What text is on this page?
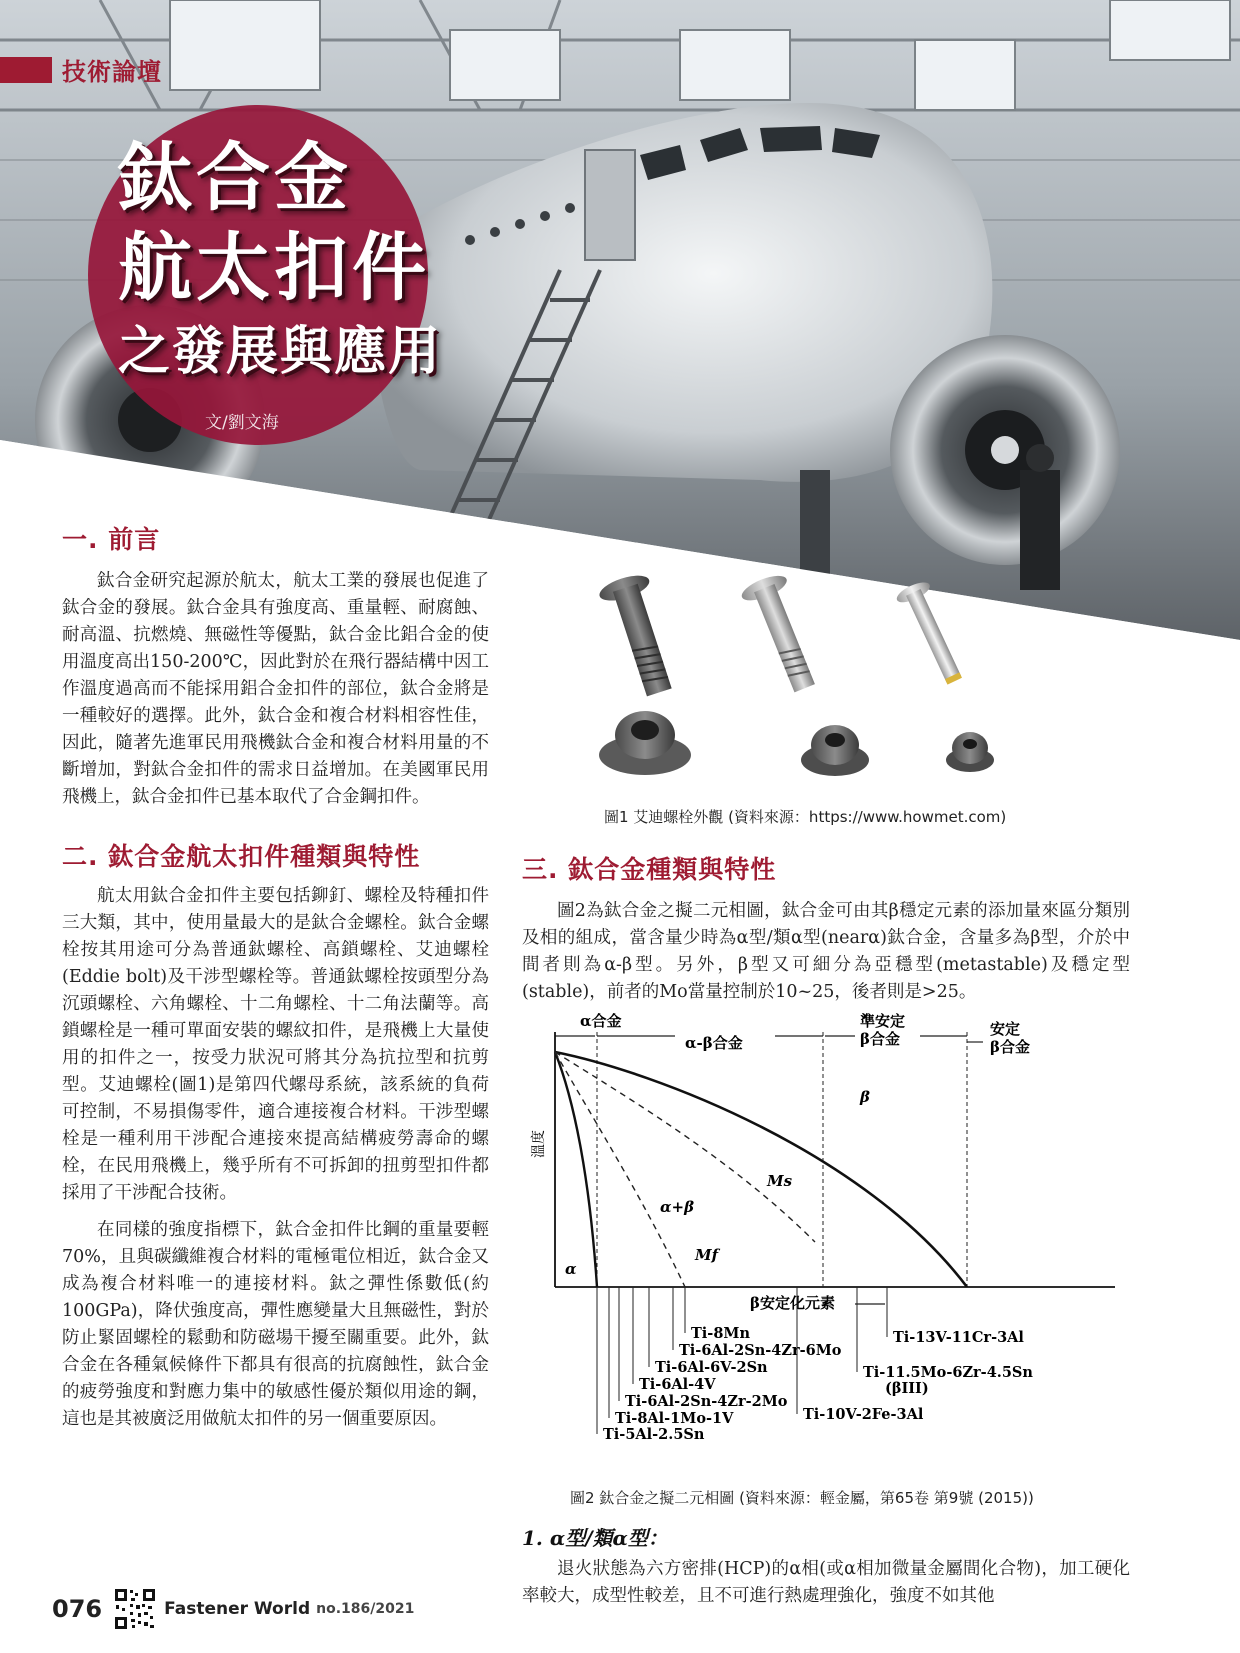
技術論壇
鈦合金
航太扣件
之發展與應用
文/劉文海
一. 前言

鈦合金研究起源於航太，航太工業的發展也促進了鈦合金的發展。鈦合金具有強度高、重量輕、耐腐蝕、耐高溫、抗燃燒、無磁性等優點，鈦合金比鋁合金的使用溫度高出150-200℃，因此對於在飛行器結構中因工作溫度過高而不能採用鋁合金扣件的部位，鈦合金將是一種較好的選擇。此外，鈦合金和複合材料相容性佳，因此，隨著先進軍民用飛機鈦合金和複合材料用量的不斷增加，對鈦合金扣件的需求日益增加。在美國軍民用飛機上，鈦合金扣件已基本取代了合金鋼扣件。

二. 鈦合金航太扣件種類與特性

航太用鈦合金扣件主要包括鉚釘、螺栓及特種扣件三大類，其中，使用量最大的是鈦合金螺栓。鈦合金螺栓按其用途可分為普通鈦螺栓、高鎖螺栓、艾迪螺栓(Eddie bolt)及干涉型螺栓等。普通鈦螺栓按頭型分為沉頭螺栓、六角螺栓、十二角螺栓、十二角法蘭等。高鎖螺栓是一種可單面安裝的螺紋扣件，是飛機上大量使用的扣件之一，按受力狀況可將其分為抗拉型和抗剪型。艾迪螺栓(圖1)是第四代螺母系統，該系統的負荷可控制，不易損傷零件，適合連接複合材料。干涉型螺栓是一種利用干涉配合連接來提高結構疲勞壽命的螺栓，在民用飛機上，幾乎所有不可拆卸的扭剪型扣件都採用了干涉配合技術。

在同樣的強度指標下，鈦合金扣件比鋼的重量要輕70%，且與碳纖維複合材料的電極電位相近，鈦合金又成為複合材料唯一的連接材料。鈦之彈性係數低(約100GPa)，降伏強度高，彈性應變量大且無磁性，對於防止緊固螺栓的鬆動和防磁場干擾至關重要。此外，鈦合金在各種氣候條件下都具有很高的抗腐蝕性，鈦合金的疲勞強度和對應力集中的敏感性優於類似用途的鋼，這也是其被廣泛用做航太扣件的另一個重要原因。

圖1 艾迪螺栓外觀 (資料來源：https://www.howmet.com)
三. 鈦合金種類與特性

圖2為鈦合金之擬二元相圖，鈦合金可由其β穩定元素的添加量來區分類別及相的組成，當含量少時為α型/類α型(nearα)鈦合金，含量多為β型，介於中間者則為α-β型。另外，β型又可細分為亞穩型(metastable)及穩定型(stable)，前者的Mo當量控制於10~25，後者則是>25。

α合金
α-β合金
準安定
β合金
安定
β合金
β
α+β
α
Ms
Mf
溫度
β安定化元素
Ti-8Mn
Ti-6Al-2Sn-4Zr-6Mo
Ti-6Al-6V-2Sn
Ti-6Al-4V
Ti-6Al-2Sn-4Zr-2Mo
Ti-8Al-1Mo-1V
Ti-5Al-2.5Sn
Ti-13V-11Cr-3Al
Ti-11.5Mo-6Zr-4.5Sn
(βIII)
Ti-10V-2Fe-3Al
圖2 鈦合金之擬二元相圖 (資料來源：輕金屬，第65卷 第9號 (2015))
1. α型/類α型：

退火狀態為六方密排(HCP)的α相(或α相加微量金屬間化合物)，加工硬化率較大，成型性較差，且不可進行熱處理強化，強度不如其他

076	Fastener World no.186/2021
